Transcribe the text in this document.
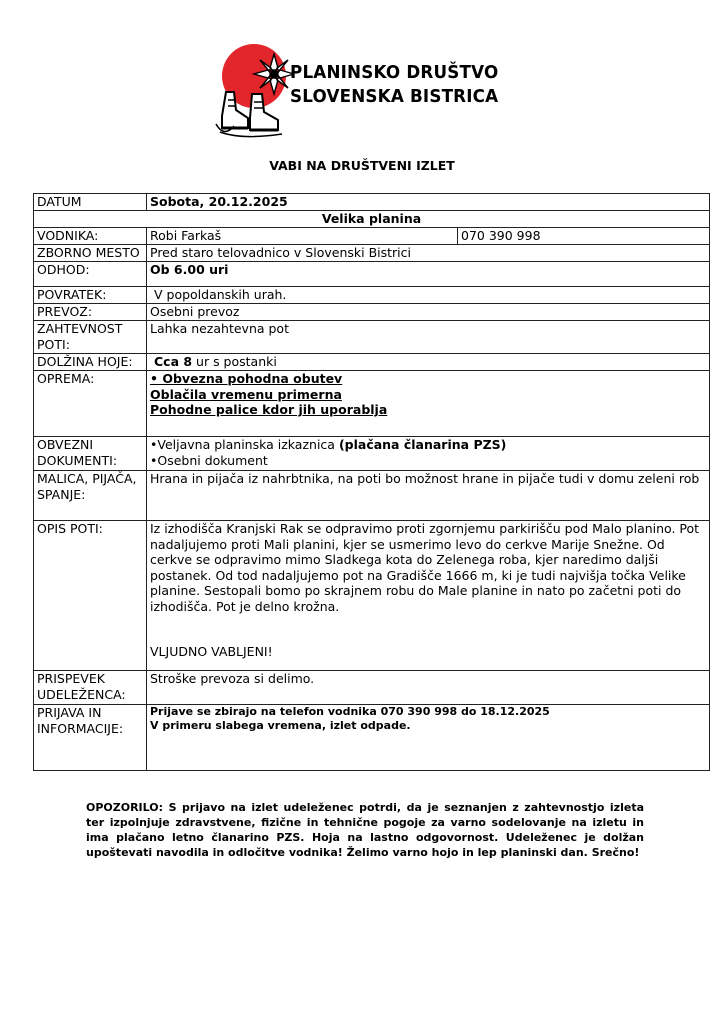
PLANINSKO DRUŠTVO
SLOVENSKA BISTRICA
VABI NA DRUŠTVENI IZLET
DATUM	Sobota, 20.12.2025	
Velika planina		
VODNIKA:	Robi Farkaš	070 390 998
ZBORNO MESTO	Pred staro telovadnico v Slovenski Bistrici	
ODHOD:	Ob 6.00 uri	
POVRATEK:	V popoldanskih urah.	
PREVOZ:	Osebni prevoz	
ZAHTEVNOST POTI:	Lahka nezahtevna pot	
DOLŽINA HOJE:	Cca 8 ur s postanki	
OPREMA:	• Obvezna pohodna obutev
Oblačila vremenu primerna
Pohodne palice kdor jih uporablja	

OBVEZNI DOKUMENTI:	•Veljavna planinska izkaznica (plačana članarina PZS)
•Osebni dokument	

MALICA, PIJAČA, SPANJE:	Hrana in pijača iz nahrbtnika, na poti bo možnost hrane in pijače tudi v domu zeleni rob	
OPIS POTI:	Iz izhodišča Kranjski Rak se odpravimo proti zgornjemu parkirišču pod Malo planino. Pot nadaljujemo proti Mali planini, kjer se usmerimo levo do cerkve Marije Snežne. Od cerkve se odpravimo mimo Sladkega kota do Zelenega roba, kjer naredimo daljši postanek. Od tod nadaljujemo pot na Gradišče 1666 m, ki je tudi najvišja točka Velike planine. Sestopali bomo po skrajnem robu do Male planine in nato po začetni poti do izhodišča. Pot je delno krožna.
VLJUDNO VABLJENI!	

PRISPEVEK UDELEŽENCA:	Stroške prevoza si delimo.	
PRIJAVA IN INFORMACIJE:	Prijave se zbirajo na telefon vodnika 070 390 998 do 18.12.2025
V primeru slabega vremena, izlet odpade.	
OPOZORILO: S prijavo na izlet udeleženec potrdi, da je seznanjen z zahtevnostjo izleta ter izpolnjuje zdravstvene, fizične in tehnične pogoje za varno sodelovanje na izletu in ima plačano letno članarino PZS. Hoja na lastno odgovornost. Udeleženec je dolžan upoštevati navodila in odločitve vodnika! Želimo varno hojo in lep planinski dan. Srečno!
